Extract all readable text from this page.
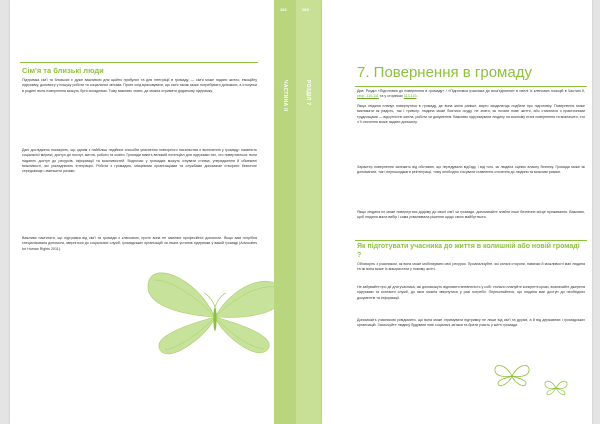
Сім'я та близькі люди

Підтримка сім'ї та близьких є дуже важливою для щойно прибулих та для інтеграції в громаду, — сім'я може надати житло, емоційну підтримку, допомогу у пошуку роботи та соціальних зв'язків. Проте слід враховувати, що сім'я також може потребувати допомоги, а стосунки в родині після повернення можуть бути складними. Тому важливо знати, де можна отримати додаткову підтримку.

Дані досліджень показують, що одним з найбільш надійних способів уникнення повторного насильства є включення у громаду: наявність соціальної мережі, доступ до послуг, житла, роботи та освіти. Громади мають великий потенціал для підтримки тих, хто повертається: вони надають доступ до ресурсів, інформації та можливостей. Водночас у громадах можуть існувати стигма, упередження й обмежені можливості, які ускладнюють інтеграцію. Робота з громадою, місцевими організаціями та службами допомагає створити безпечне середовище і зменшити ризики.

Важливо пам'ятати, що підтримка від сім'ї та громади є ключовою, проте вона не замінює професійної допомоги. Якщо вам потрібна спеціалізована допомога, зверніться до соціальних служб, громадських організацій чи інших установ підтримки у вашій громаді (Advocates for Human Rights 2011).

162
ЧАСТИНА ІІ
163
РОЗДІЛ 7
7. Повернення в громаду

Див. Розділ «Підготовка до повернення в громаду» / «Підготовка учасника до возз'єднання» в світлі їх ключових позицій в Частині II, стор. 110-111 та у сторінках 113-115.

Якщо людина планує повернутися в громаду, де вона жила раніше, варто заздалегідь подбати про підготовку. Повернення може викликати як радість, так і тривогу: людина може боятися осуду, не знати, як почати нове життя, або стикатися з практичними труднощами — відсутністю житла, роботи чи документів. Важливо підтримувати людину на кожному етапі повернення та визначити, хто з її оточення може надати допомогу.

Характер повернення залежить від обставин, що передували від'їзду, і від того, як людина оцінює власну безпеку. Громада може як допомагати, так і перешкоджати реінтеграції, тому необхідно з'ясувати ставлення оточення до людини та можливі ризики.

Якщо людина не може повернутися додому до своєї сім'ї чи громади, допомагайте знайти інше безпечне місце проживання. Важливо, щоб людина мала вибір і сама ухвалювала рішення щодо свого майбутнього.

Як підготувати учасника до життя в колишній або новій громаді ?

Обговоріть з учасником, як вона може мобілізувати свої ресурси. Проаналізуйте, які сильні сторони, навички й можливості має людина та як вона може їх використати у новому житті.

Не забувайте про дії для учасника, які допоможуть відновити впевненість у собі: спільно плануйте конкретні кроки, визначайте джерела підтримки та контакти служб, до яких можна звернутися у разі потреби. Переконайтеся, що людина має доступ до необхідних документів та інформації.

Допоможіть учасникові усвідомити, що вона може отримувати підтримку не лише від сім'ї та друзів, а й від державних і громадських організацій. Заохочуйте людину будувати нові соціальні зв'язки та брати участь у житті громади.
